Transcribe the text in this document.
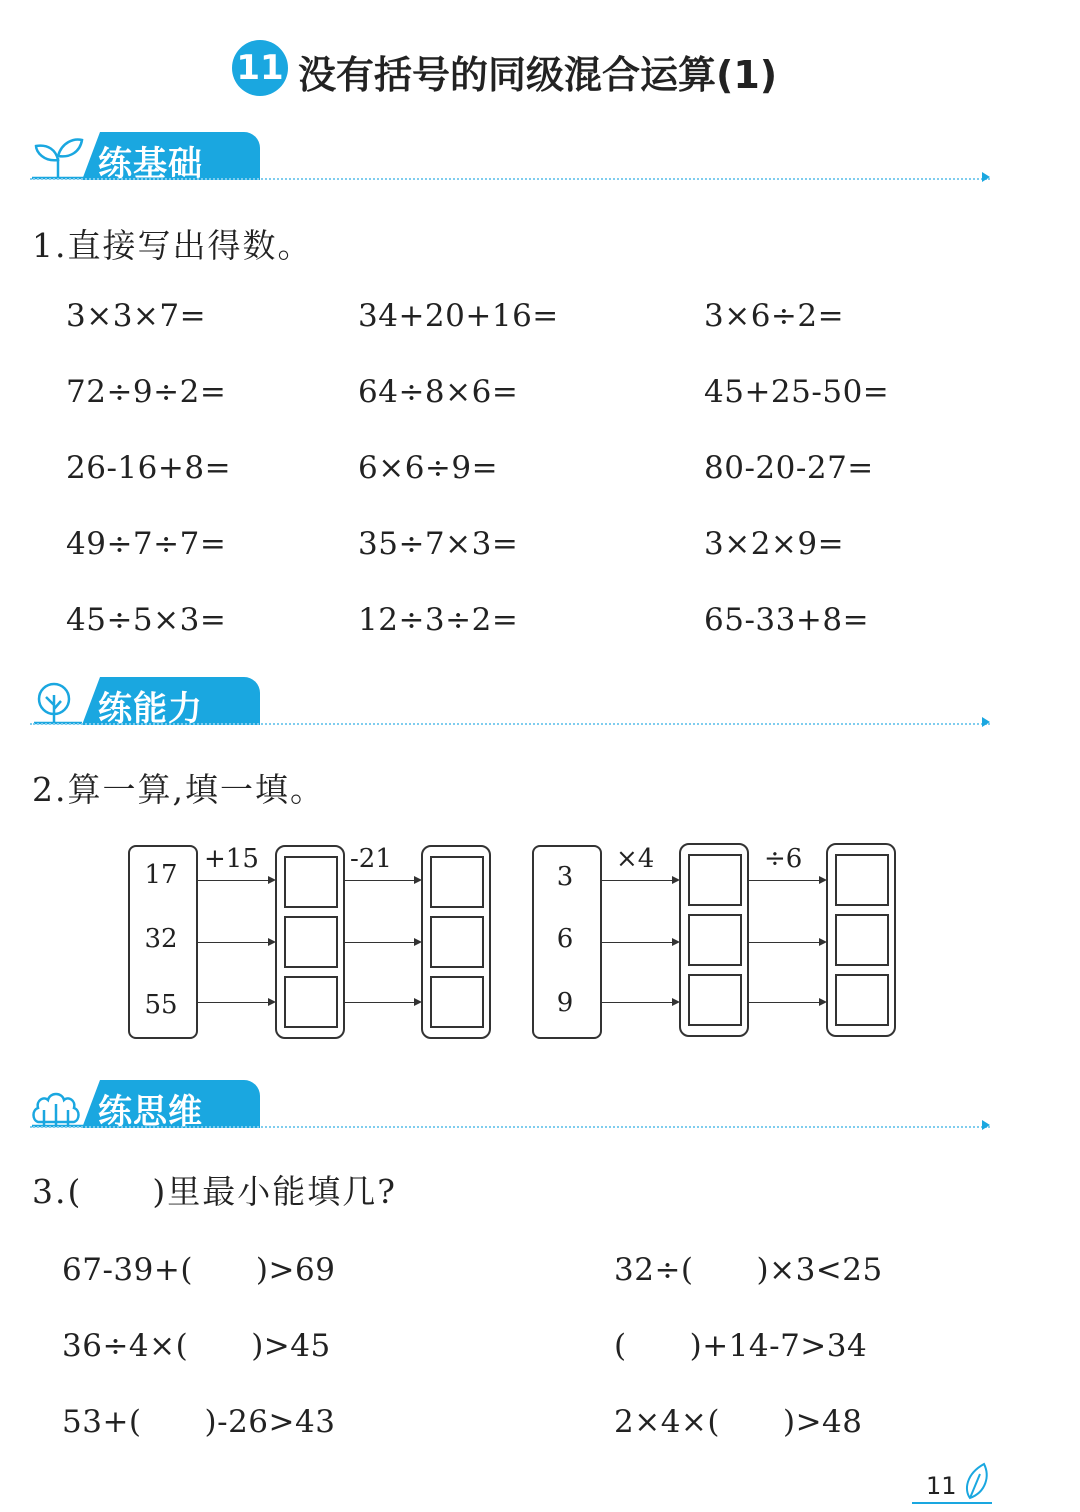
11 没有括号的同级混合运算(1)
练基础
1.直接写出得数。
3×3×7=	34+20+16=	3×6÷2=
72÷9÷2=	64÷8×6=	45+25-50=
26-16+8=	6×6÷9=	80-20-27=
49÷7÷7=	35÷7×3=	3×2×9=
45÷5×3=	12÷3÷2=	65-33+8=
练能力
2.算一算,填一填。
17
32
55
+15	-21
3
6
9
×4	÷6
练思维
3.(　　)里最小能填几?
67-39+(　　)>69	32÷(　　)×3<25
36÷4×(　　)>45	(　　)+14-7>34
53+(　　)-26>43	2×4×(　　)>48
11
